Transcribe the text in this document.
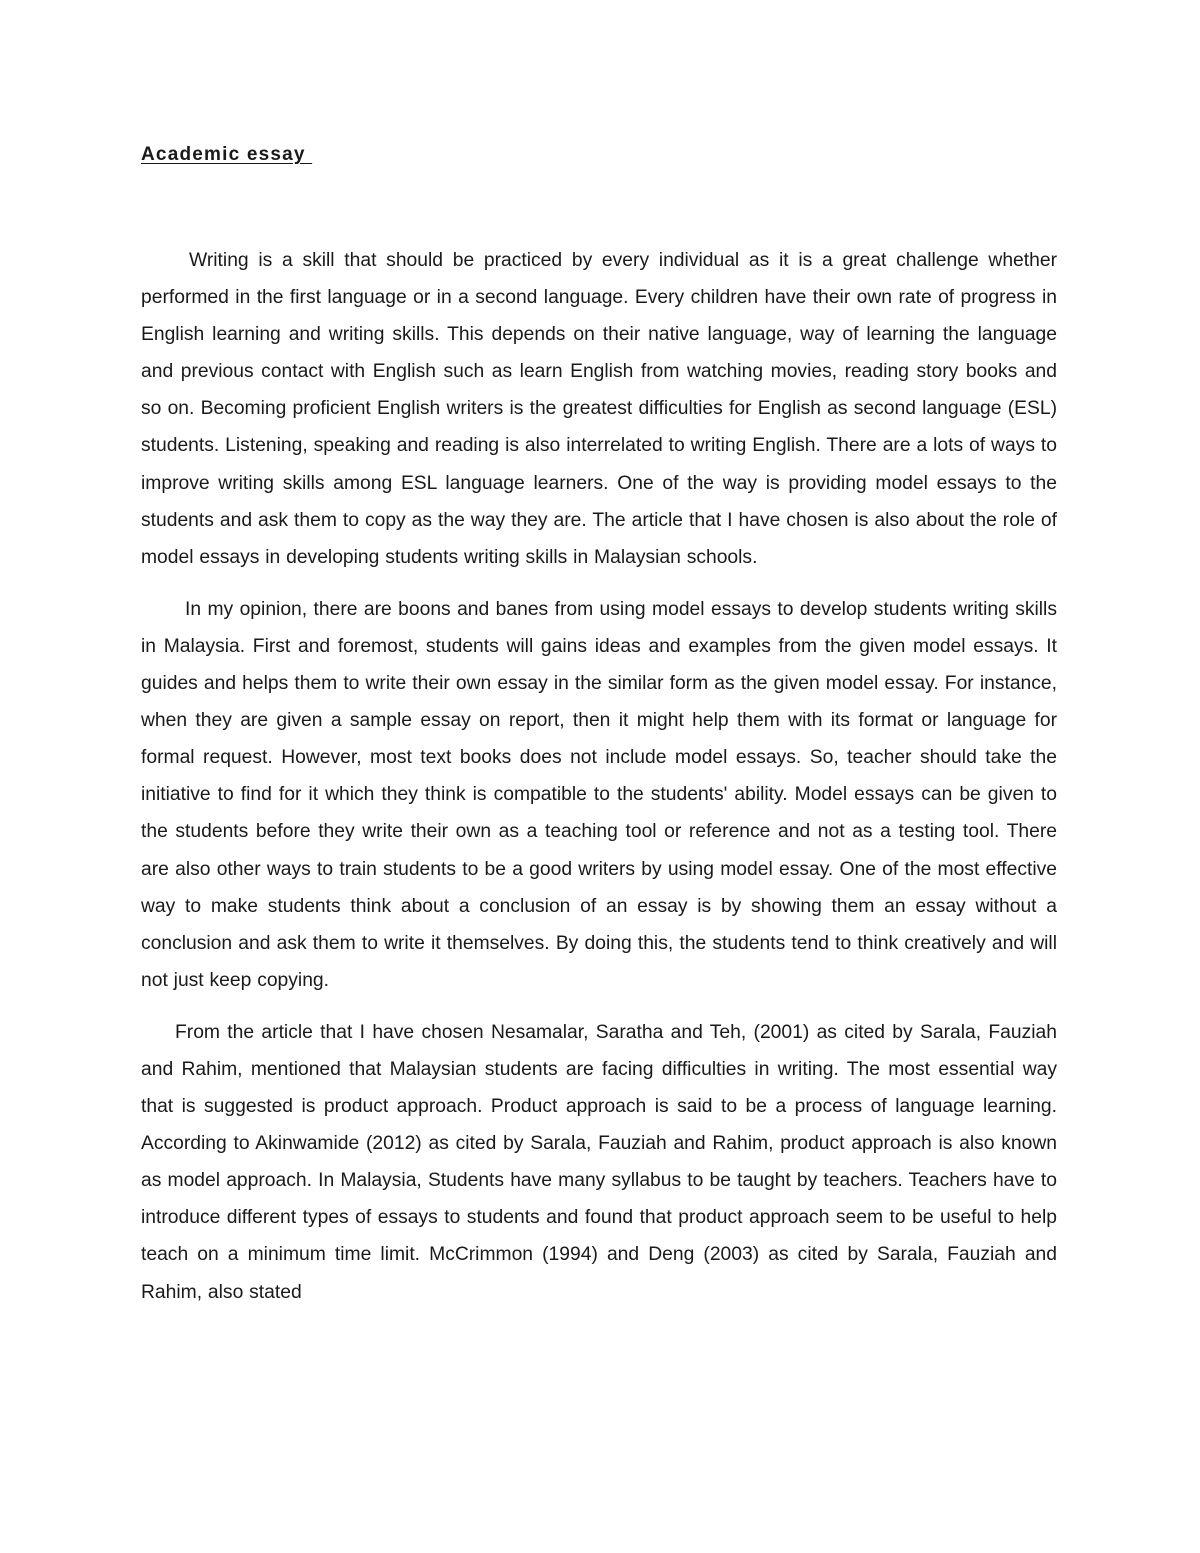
Academic essay

Writing is a skill that should be practiced by every individual as it is a great challenge whether performed in the first language or in a second language. Every children have their own rate of progress in English learning and writing skills. This depends on their native language, way of learning the language and previous contact with English such as learn English from watching movies, reading story books and so on. Becoming proficient English writers is the greatest difficulties for English as second language (ESL) students. Listening, speaking and reading is also interrelated to writing English. There are a lots of ways to improve writing skills among ESL language learners. One of the way is providing model essays to the students and ask them to copy as the way they are. The article that I have chosen is also about the role of model essays in developing students writing skills in Malaysian schools.

In my opinion, there are boons and banes from using model essays to develop students writing skills in Malaysia. First and foremost, students will gains ideas and examples from the given model essays. It guides and helps them to write their own essay in the similar form as the given model essay. For instance, when they are given a sample essay on report, then it might help them with its format or language for formal request. However, most text books does not include model essays. So, teacher should take the initiative to find for it which they think is compatible to the students' ability. Model essays can be given to the students before they write their own as a teaching tool or reference and not as a testing tool. There are also other ways to train students to be a good writers by using model essay. One of the most effective way to make students think about a conclusion of an essay is by showing them an essay without a conclusion and ask them to write it themselves. By doing this, the students tend to think creatively and will not just keep copying.

From the article that I have chosen Nesamalar, Saratha and Teh, (2001) as cited by Sarala, Fauziah and Rahim, mentioned that Malaysian students are facing difficulties in writing. The most essential way that is suggested is product approach. Product approach is said to be a process of language learning. According to Akinwamide (2012) as cited by Sarala, Fauziah and Rahim, product approach is also known as model approach. In Malaysia, Students have many syllabus to be taught by teachers. Teachers have to introduce different types of essays to students and found that product approach seem to be useful to help teach on a minimum time limit. McCrimmon (1994) and Deng (2003) as cited by Sarala, Fauziah and Rahim, also stated
